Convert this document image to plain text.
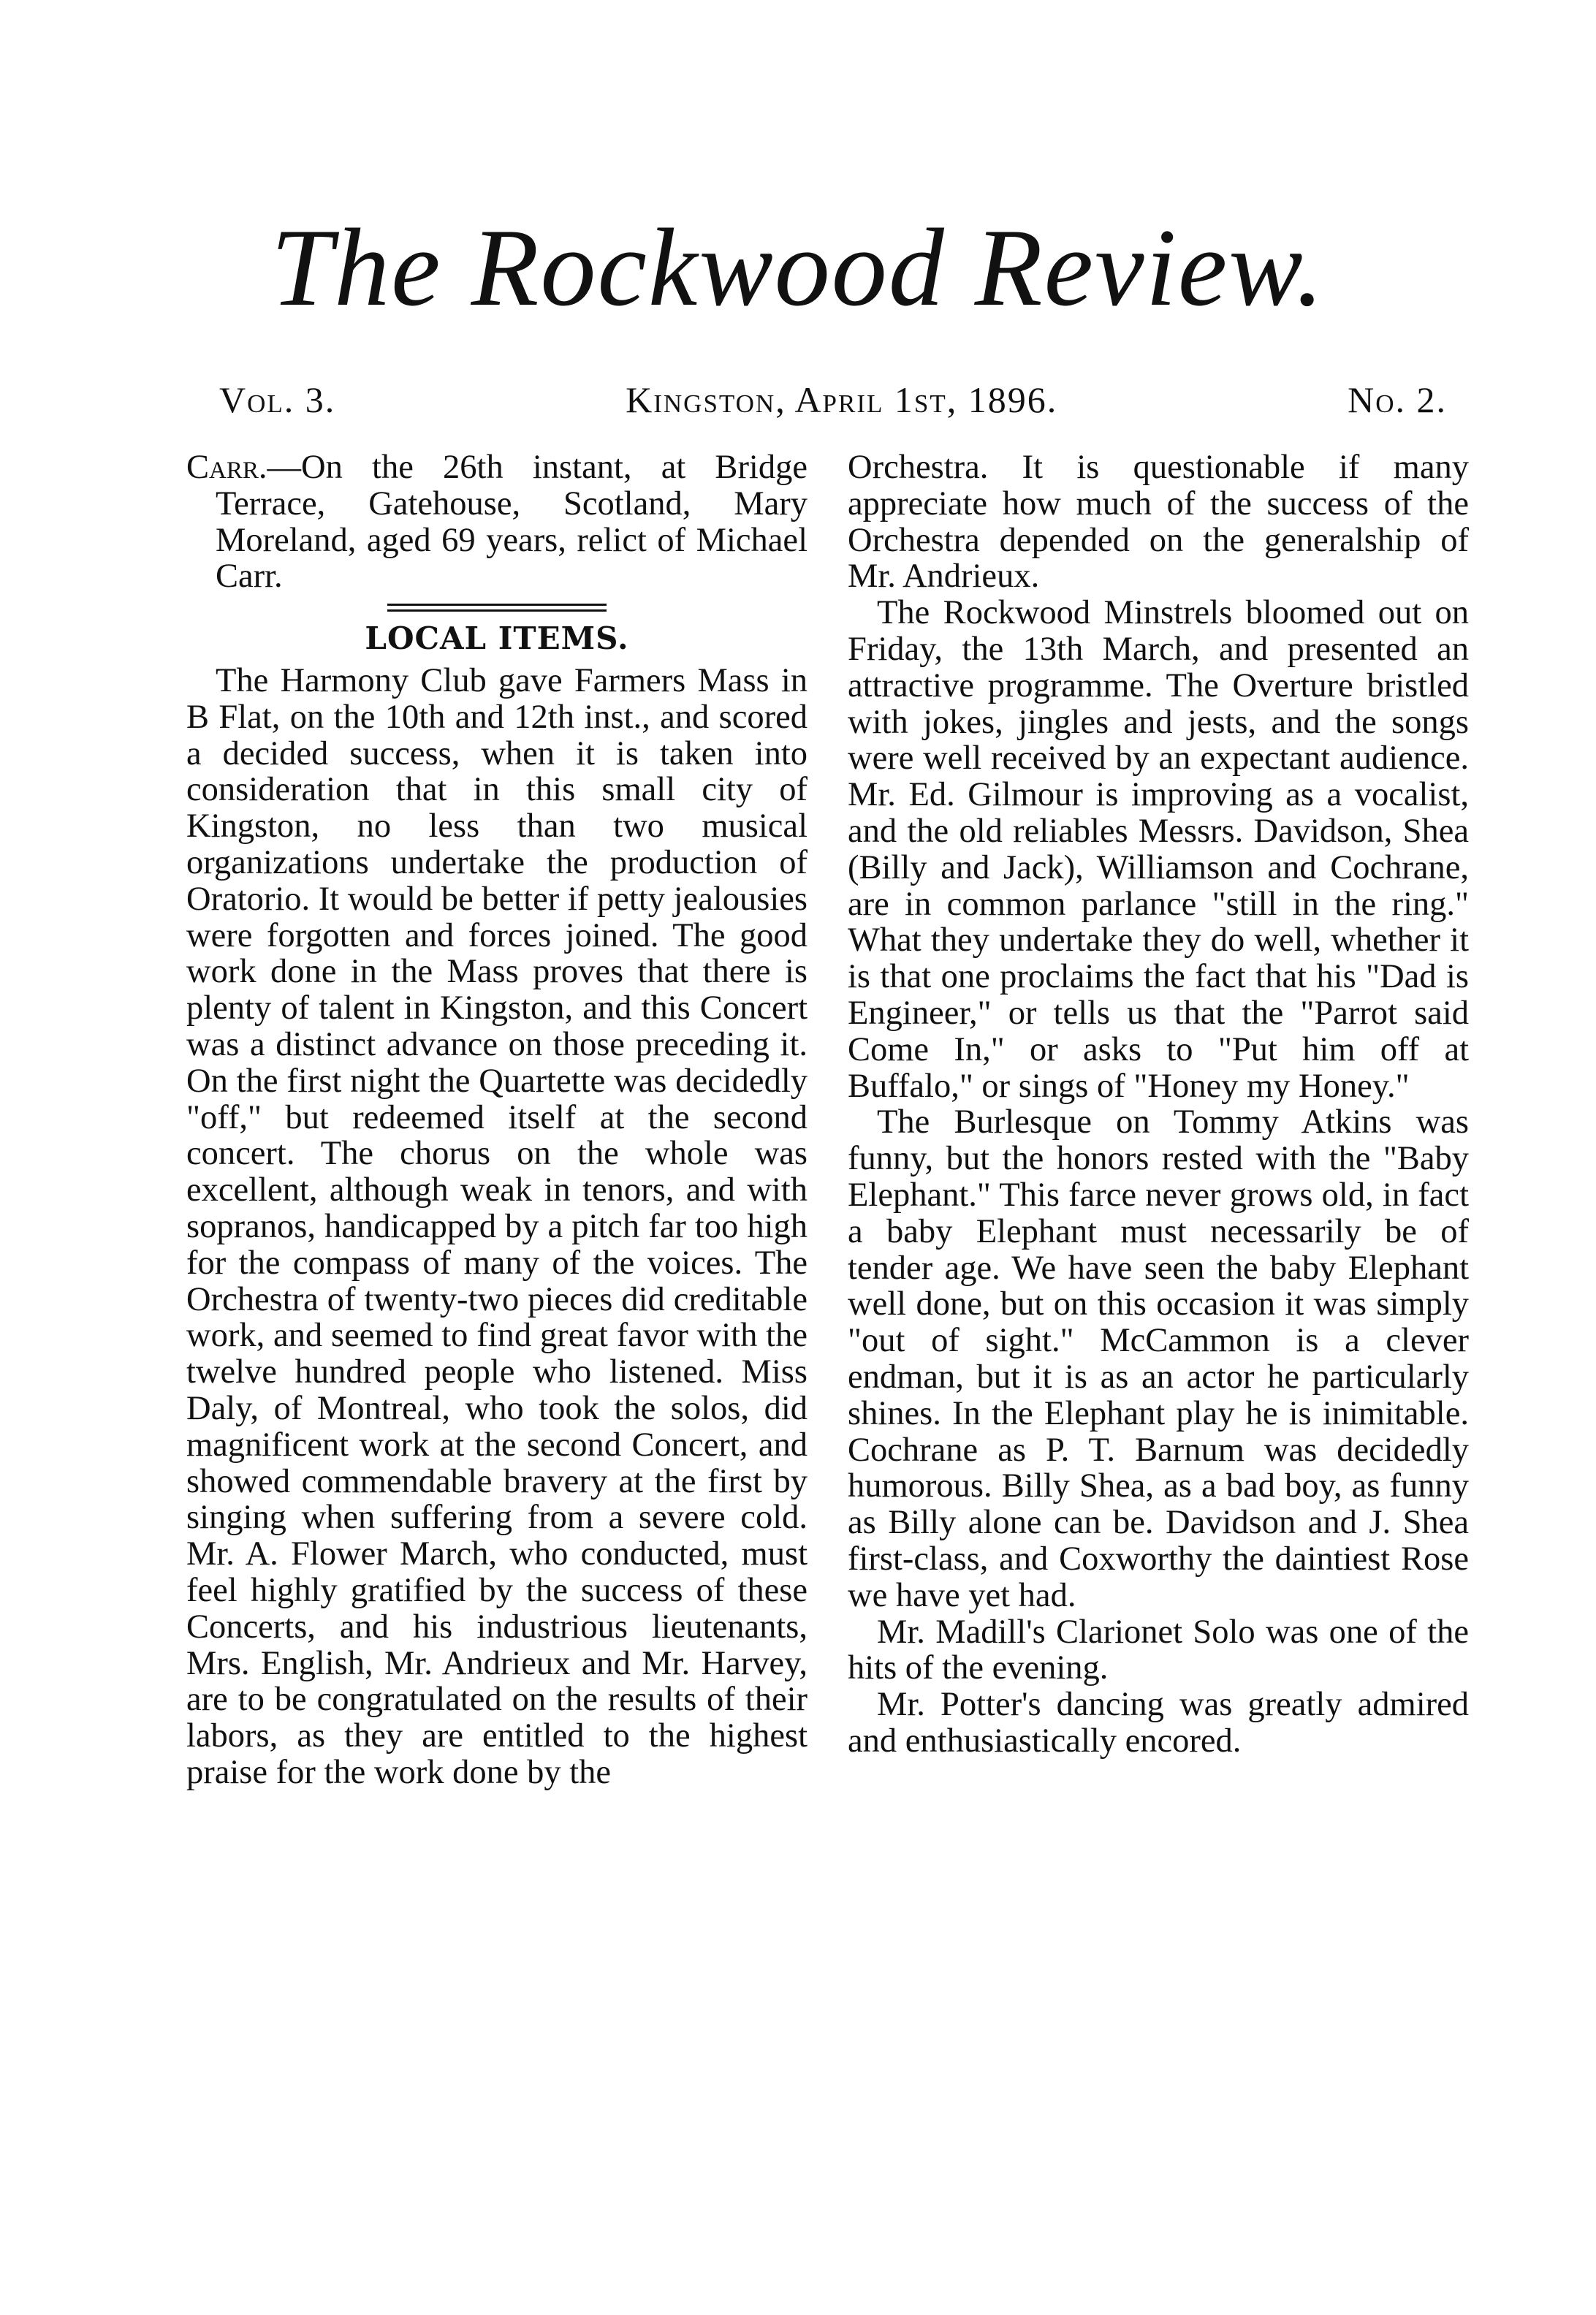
The Rockwood Review.
Vol. 3.	Kingston, April 1st, 1896.	No. 2.

Carr.—On the 26th instant, at Bridge Terrace, Gatehouse, Scotland, Mary Moreland, aged 69 years, relict of Michael Carr.

LOCAL ITEMS.

The Harmony Club gave Farmers Mass in B Flat, on the 10th and 12th inst., and scored a decided success, when it is taken into consideration that in this small city of Kingston, no less than two musical organizations undertake the production of Oratorio. It would be better if petty jealousies were forgotten and forces joined. The good work done in the Mass proves that there is plenty of talent in Kingston, and this Concert was a distinct advance on those preceding it. On the first night the Quartette was decidedly "off," but redeemed itself at the second concert. The chorus on the whole was excellent, although weak in tenors, and with sopranos, handicapped by a pitch far too high for the compass of many of the voices. The Orchestra of twenty-two pieces did creditable work, and seemed to find great favor with the twelve hundred people who listened. Miss Daly, of Montreal, who took the solos, did magnificent work at the second Concert, and showed commendable bravery at the first by singing when suffering from a severe cold. Mr. A. Flower March, who conducted, must feel highly gratified by the success of these Concerts, and his industrious lieutenants, Mrs. English, Mr. Andrieux and Mr. Harvey, are to be congratulated on the results of their labors, as they are entitled to the highest praise for the work done by the

Orchestra. It is questionable if many appreciate how much of the success of the Orchestra depended on the generalship of Mr. Andrieux.

The Rockwood Minstrels bloomed out on Friday, the 13th March, and presented an attractive programme. The Overture bristled with jokes, jingles and jests, and the songs were well received by an expectant audience. Mr. Ed. Gilmour is improving as a vocalist, and the old reliables Messrs. Davidson, Shea (Billy and Jack), Williamson and Cochrane, are in common parlance "still in the ring." What they undertake they do well, whether it is that one proclaims the fact that his "Dad is Engineer," or tells us that the "Parrot said Come In," or asks to "Put him off at Buffalo," or sings of "Honey my Honey."

The Burlesque on Tommy Atkins was funny, but the honors rested with the "Baby Elephant." This farce never grows old, in fact a baby Elephant must necessarily be of tender age. We have seen the baby Elephant well done, but on this occasion it was simply "out of sight." McCammon is a clever endman, but it is as an actor he particularly shines. In the Elephant play he is inimitable. Cochrane as P. T. Barnum was decidedly humorous. Billy Shea, as a bad boy, as funny as Billy alone can be. Davidson and J. Shea first-class, and Coxworthy the daintiest Rose we have yet had.

Mr. Madill's Clarionet Solo was one of the hits of the evening.

Mr. Potter's dancing was greatly admired and enthusiastically encored.
